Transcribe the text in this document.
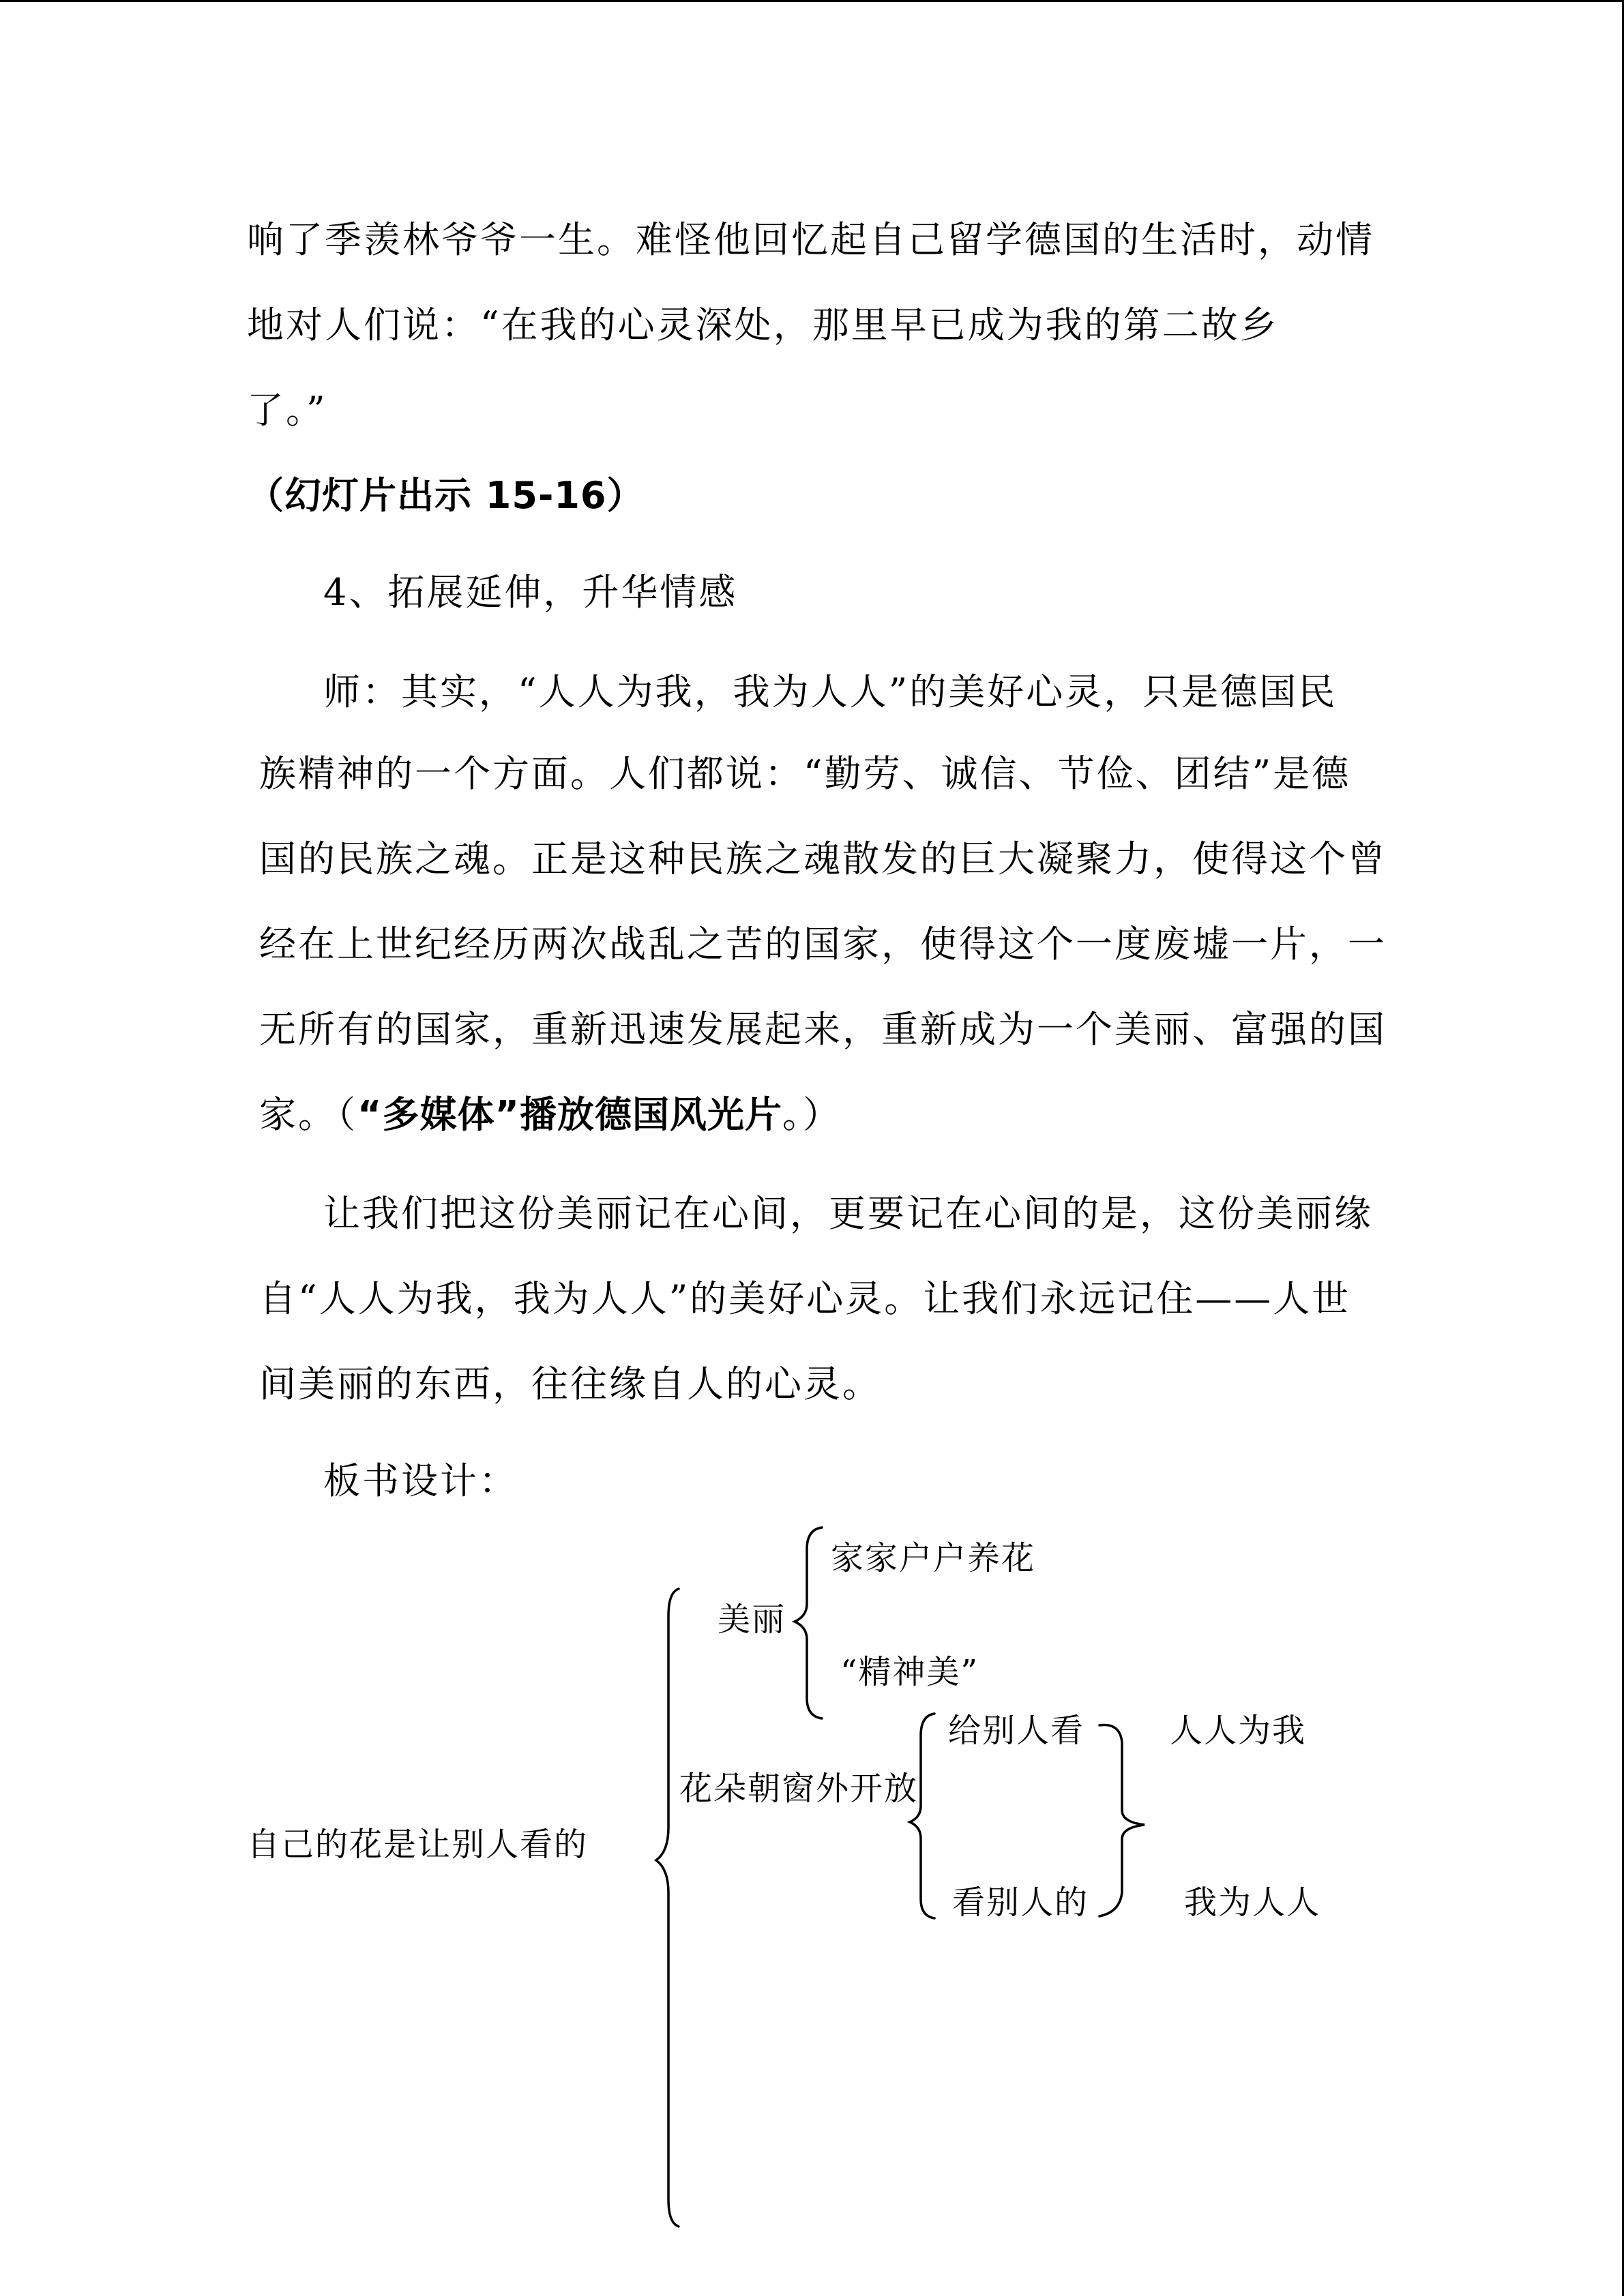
响了季羡林爷爷一生。难怪他回忆起自己留学德国的生活时，动情

地对人们说：“在我的心灵深处，那里早已成为我的第二故乡

了。”

（幻灯片出示 15-16）

4、拓展延伸，升华情感

师：其实，“人人为我，我为人人”的美好心灵，只是德国民

族精神的一个方面。人们都说：“勤劳、诚信、节俭、团结”是德

国的民族之魂。正是这种民族之魂散发的巨大凝聚力，使得这个曾

经在上世纪经历两次战乱之苦的国家，使得这个一度废墟一片，一

无所有的国家，重新迅速发展起来，重新成为一个美丽、富强的国

家。（“多媒体”播放德国风光片。）

让我们把这份美丽记在心间，更要记在心间的是，这份美丽缘

自“人人为我，我为人人”的美好心灵。让我们永远记住——人世

间美丽的东西，往往缘自人的心灵。

板书设计：

家家户户养花
美丽
“精神美”
给别人看	人人为我
花朵朝窗外开放
自己的花是让别人看的
看别人的	我为人人
